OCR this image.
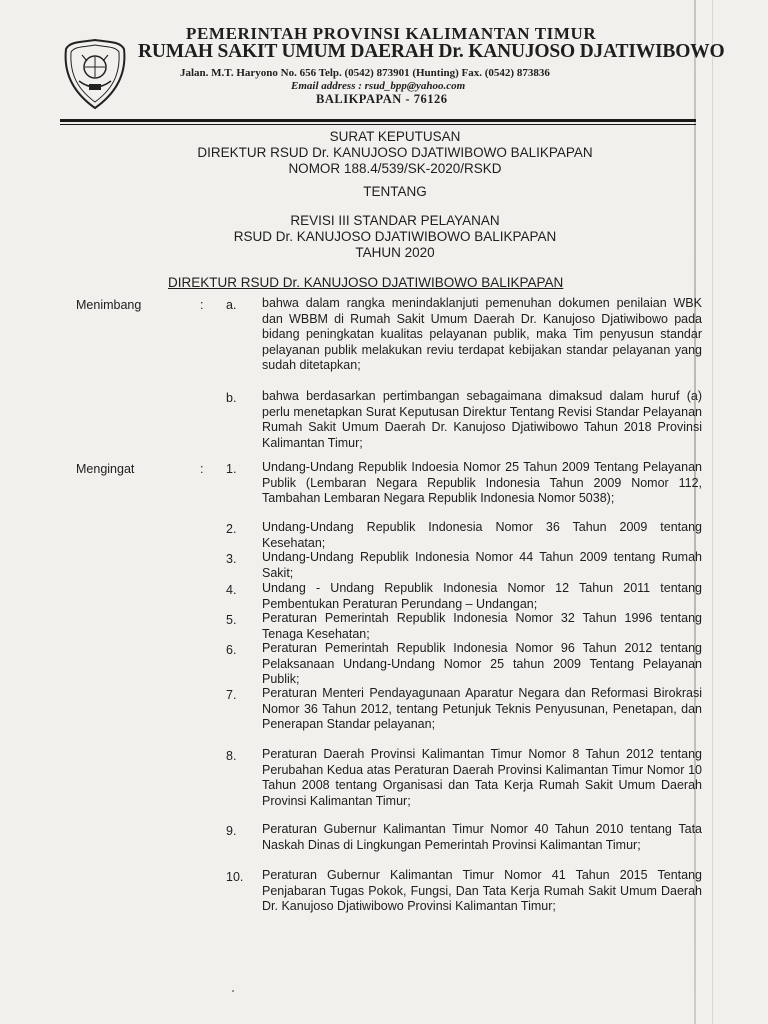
PEMERINTAH PROVINSI KALIMANTAN TIMUR
RUMAH SAKIT UMUM DAERAH Dr. KANUJOSO DJATIWIBOWO
Jalan. M.T. Haryono No. 656 Telp. (0542) 873901 (Hunting) Fax. (0542) 873836
Email address : rsud_bpp@yahoo.com
BALIKPAPAN - 76126
SURAT KEPUTUSAN
DIREKTUR RSUD Dr. KANUJOSO DJATIWIBOWO BALIKPAPAN
NOMOR 188.4/539/SK-2020/RSKD
TENTANG
REVISI III STANDAR PELAYANAN
RSUD Dr. KANUJOSO DJATIWIBOWO BALIKPAPAN
TAHUN 2020
DIREKTUR RSUD Dr. KANUJOSO DJATIWIBOWO BALIKPAPAN
Menimbang	: a. bahwa dalam rangka menindaklanjuti pemenuhan dokumen penilaian WBK dan WBBM di Rumah Sakit Umum Daerah Dr. Kanujoso Djatiwibowo pada bidang peningkatan kualitas pelayanan publik, maka Tim penyusun standar pelayanan publik melakukan reviu terdapat kebijakan standar pelayanan yang sudah ditetapkan;
b. bahwa berdasarkan pertimbangan sebagaimana dimaksud dalam huruf (a) perlu menetapkan Surat Keputusan Direktur Tentang Revisi Standar Pelayanan Rumah Sakit Umum Daerah Dr. Kanujoso Djatiwibowo Tahun 2018 Provinsi Kalimantan Timur;
Mengingat	: 1. Undang-Undang Republik Indoesia Nomor 25 Tahun 2009 Tentang Pelayanan Publik (Lembaran Negara Republik Indonesia Tahun 2009 Nomor 112, Tambahan Lembaran Negara Republik Indonesia Nomor 5038);
2. Undang-Undang Republik Indonesia Nomor 36 Tahun 2009 tentang Kesehatan;
3. Undang-Undang Republik Indonesia Nomor 44 Tahun 2009 tentang Rumah Sakit;
4. Undang - Undang Republik Indonesia Nomor 12 Tahun 2011 tentang Pembentukan Peraturan Perundang – Undangan;
5. Peraturan Pemerintah Republik Indonesia Nomor 32 Tahun 1996 tentang Tenaga Kesehatan;
6. Peraturan Pemerintah Republik Indonesia Nomor 96 Tahun 2012 tentang Pelaksanaan Undang-Undang Nomor 25 tahun 2009 Tentang Pelayanan Publik;
7. Peraturan Menteri Pendayagunaan Aparatur Negara dan Reformasi Birokrasi Nomor 36 Tahun 2012, tentang Petunjuk Teknis Penyusunan, Penetapan, dan Penerapan Standar pelayanan;
8. Peraturan Daerah Provinsi Kalimantan Timur Nomor 8 Tahun 2012 tentang Perubahan Kedua atas Peraturan Daerah Provinsi Kalimantan Timur Nomor 10 Tahun 2008 tentang Organisasi dan Tata Kerja Rumah Sakit Umum Daerah Provinsi Kalimantan Timur;
9. Peraturan Gubernur Kalimantan Timur Nomor 40 Tahun 2010 tentang Tata Naskah Dinas di Lingkungan Pemerintah Provinsi Kalimantan Timur;
10. Peraturan Gubernur Kalimantan Timur Nomor 41 Tahun 2015 Tentang Penjabaran Tugas Pokok, Fungsi, Dan Tata Kerja Rumah Sakit Umum Daerah Dr. Kanujoso Djatiwibowo Provinsi Kalimantan Timur;
